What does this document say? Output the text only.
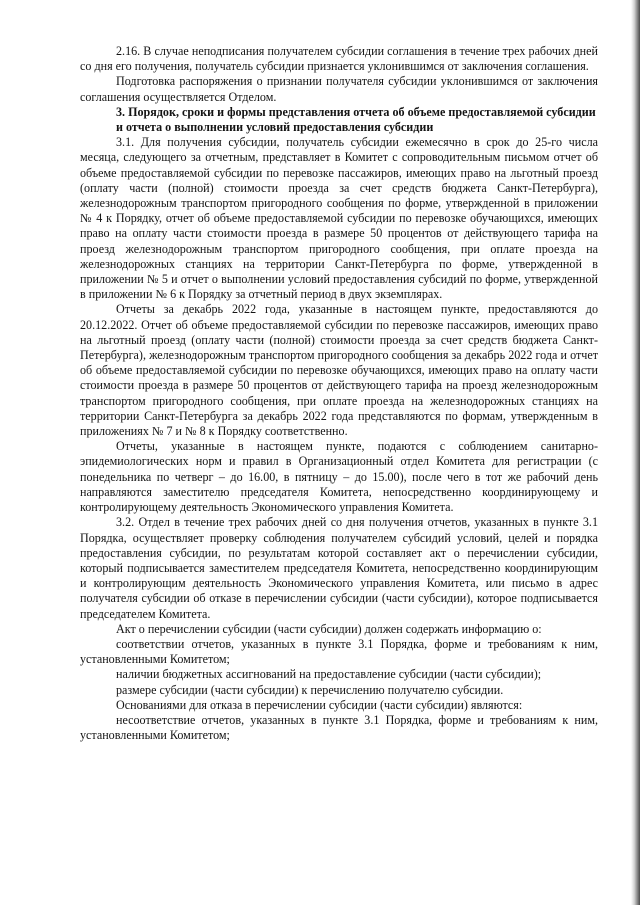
2.16. В случае неподписания получателем субсидии соглашения в течение трех рабочих дней со дня его получения, получатель субсидии признается уклонившимся от заключения соглашения.

Подготовка распоряжения о признании получателя субсидии уклонившимся от заключения соглашения осуществляется Отделом.

3. Порядок, сроки и формы представления отчета об объеме предоставляемой субсидии
и отчета о выполнении условий предоставления субсидии

3.1. Для получения субсидии, получатель субсидии ежемесячно в срок до 25-го числа месяца, следующего за отчетным, представляет в Комитет с сопроводительным письмом отчет об объеме предоставляемой субсидии по перевозке пассажиров, имеющих право на льготный проезд (оплату части (полной) стоимости проезда за счет средств бюджета Санкт-Петербурга), железнодорожным транспортом пригородного сообщения по форме, утвержденной в приложении № 4 к Порядку, отчет об объеме предоставляемой субсидии по перевозке обучающихся, имеющих право на оплату части стоимости проезда в размере 50 процентов от действующего тарифа на проезд железнодорожным транспортом пригородного сообщения, при оплате проезда на железнодорожных станциях на территории Санкт-Петербурга по форме, утвержденной в приложении № 5 и отчет о выполнении условий предоставления субсидий по форме, утвержденной в приложении № 6 к Порядку за отчетный период в двух экземплярах.

Отчеты за декабрь 2022 года, указанные в настоящем пункте, предоставляются до 20.12.2022. Отчет об объеме предоставляемой субсидии по перевозке пассажиров, имеющих право на льготный проезд (оплату части (полной) стоимости проезда за счет средств бюджета Санкт-Петербурга), железнодорожным транспортом пригородного сообщения за декабрь 2022 года и отчет об объеме предоставляемой субсидии по перевозке обучающихся, имеющих право на оплату части стоимости проезда в размере 50 процентов от действующего тарифа на проезд железнодорожным транспортом пригородного сообщения, при оплате проезда на железнодорожных станциях на территории Санкт-Петербурга за декабрь 2022 года представляются по формам, утвержденным в приложениях № 7 и № 8 к Порядку соответственно.

Отчеты, указанные в настоящем пункте, подаются с соблюдением санитарно-эпидемиологических норм и правил в Организационный отдел Комитета для регистрации (с понедельника по четверг – до 16.00, в пятницу – до 15.00), после чего в тот же рабочий день направляются заместителю председателя Комитета, непосредственно координирующему и контролирующему деятельность Экономического управления Комитета.

3.2. Отдел в течение трех рабочих дней со дня получения отчетов, указанных в пункте 3.1 Порядка, осуществляет проверку соблюдения получателем субсидий условий, целей и порядка предоставления субсидии, по результатам которой составляет акт о перечислении субсидии, который подписывается заместителем председателя Комитета, непосредственно координирующим и контролирующим деятельность Экономического управления Комитета, или письмо в адрес получателя субсидии об отказе в перечислении субсидии (части субсидии), которое подписывается председателем Комитета.

Акт о перечислении субсидии (части субсидии) должен содержать информацию о:

соответствии отчетов, указанных в пункте 3.1 Порядка, форме и требованиям к ним, установленными Комитетом;

наличии бюджетных ассигнований на предоставление субсидии (части субсидии);

размере субсидии (части субсидии) к перечислению получателю субсидии.

Основаниями для отказа в перечислении субсидии (части субсидии) являются:

несоответствие отчетов, указанных в пункте 3.1 Порядка, форме и требованиям к ним, установленными Комитетом;
